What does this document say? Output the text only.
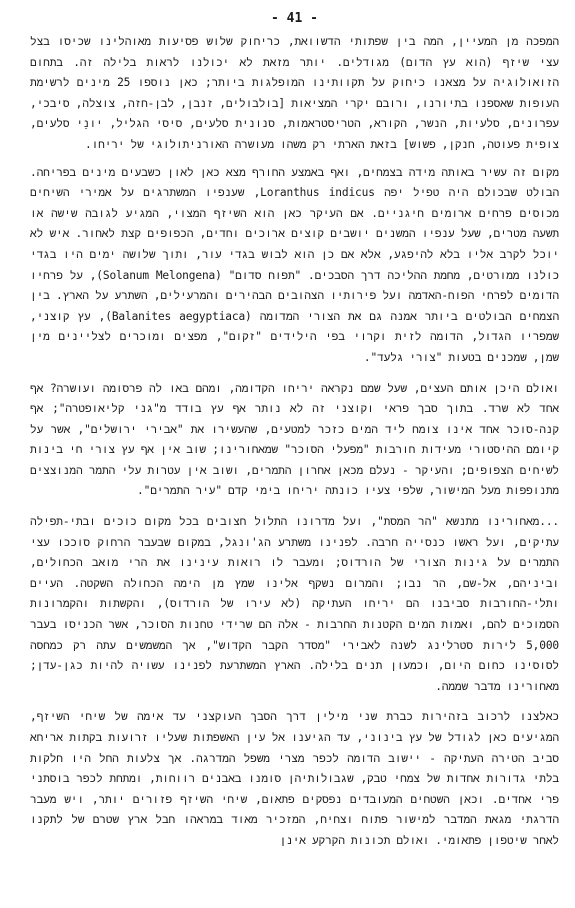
- 41 -

המפכה מן המעיין, המה בין שפתותי הדשוואת, כריחוק שלוש פסיעות מאוהלינו שכיסו בצל עצי שיזף (הוא עץ הדום) מגודלים. יותר מזאת לא יכולנו לראות בלילה זה. בתחום הזואולוגיה על מצאנו כיחוק על תקוותינו המופלגות ביותר; כאן נוספו 25 מינים לרשימת העופות שאספנו בתיורנו, ורובם יקרי המציאות [בולבולים, זנבן, לבן-חזה, צוצלה, סיבכי, עפרונים, סלעיות, הנשר, הקורא, הטריסטראמות, סנונית סלעים, סיסי הגליל, יונֵי סלעים, צופית פעוטה, חנקן, פשוש] בזאת הארתי רק משהו מעושרה האורניתולוגי של יריחו.

מקום זה עשיר באותה מידה בצמחים, ואף באמצע החורף מצא כאן לאון כשבעים מינים בפריחה. הבולט שבכולם היה טפיל יפה Loranthus indicus, שענפיו המשתרגים על אמירי השיחים מכוסים פרחים ארומים חיגניים. אם העיקר כאן הוא השיזף המצוי, המגיע לגובה שישה או תשעה מטרים, שעל ענפיו המשנים יושבים קוצים ארוכים וחדים, הכפופים קצת לאחור. איש לא יוכל לקרב אליו בלא להיפגע, אלא אם כן הוא לבוש בגדי עור, ותוך שלושה ימים היו בגדי כולנו ממורטים, מחמת ההליכה דרך הסבכים. "תפוח סדום" (Solanum Melongena), על פרחיו הדומים לפרחי הפוח-האדמה ועל פירותיו הצהובים הבהירים והמרעילים, השתרע על הארץ. בין הצמחים הבולטים ביותר אמנה גם את הצורי המדומה (Balanites aegyptiaca), עץ קוצני, שמפריו הגדול, הדומה לזית וקרוי בפי הילידים "זקום", מפצים ומוכרים לצליינים מין שמן, שמכנים בטעות "צורי גלעד".

ואולם היכן אותם העצים, שעל שמם נקראה יריחו הקדומה, ומהם באו לה פרסומה ועושרה? אף אחד לא שרד. בתוך סבך פראי וקוצני זה לא נותר אף עץ בודד מ"גני קליאופטרה"; אף קנה-סוכר אחד אינו צומח ליד המים כזכר למטעים, שהעשירו את "אבירי ירושלים", אשר על קיומם ההיסטורי מעידות חורבות "מפעלי הסוכר" שמאחורינו; שוב אין אף עץ צורי חי בינות לשיחים הצפופים; והעיקר - נעלם מכאן אחרון התמרים, ושוב אין עטרות עלי התמר המנוצצים מתנופפות מעל המישור, שלפי צעיו כונתה יריחו בימי קדם "עיר התמרים".

...מאחורינו מתנשא "הר המסת", ועל מדרונו התלול חצובים בכל מקום כוכים ובתי-תפילה עתיקים, ועל ראשו כנסייה חרבה. לפנינו משתרע הג'ונגל, במקום שבעבר הרחוק סוככו עצי התמרים על גינות הצורי של הורדוס; ומעבר לו רואות עינינו את הרי מואב הכחולים, וביניהם, אל-שם, הר נבו; והמרום נשקף אלינו שמץ מן הימה הכחולה השקטה. העיים ותלי-החורבות סביבנו הם יריחו העתיקה (לא עירו של הורדוס), והקשתות והקמרונות הסמוכים להם, ואמות המים הקטנות החרבות - אלה הם שרידי טחנות הסוכר, אשר הכניסו בעבר 5,000 לירות סטרלינג לשנה לאבירי "מסדר הקבר הקדוש", אך המשמשים עתה רק כמחסה לסוסינו כחום היום, וכמעון תנים בלילה. הארץ המשתרעת לפנינו עשויה להיות כגן-עדן; מאחורינו מדבר שממה.

כאלצנו לרכוב בזהירות כברת שני מילין דרך הסבך העוקצני עד אימה של שיחי השיזף, המגיעים כאן לגודל של עץ בינוני, עד הגיענו אל עין האשפתות שעליו זרועות בקתות אריחא סביב הטירה העתיקה - יישוב הדומה לכפר מצרי משפל המדרגה. אך צלעות החל היו חלקות בלתי גדורות אחדות של צמחי טבק, שגבולותיהן סומנו באבנים רווחות, ומתחת לכפר בוסתני פרי אחדים. וכאן השטחים המעובדים נפסקים פתאום, שיחי השיזף פזורים יותר, ויש מעבר הדרגתי מגאת המדבר למישור פתוח וצחיח, המזכיר מאוד במראהו חבל ארץ שטרם של לתקנו לאחר שיטפון פתאומי. ואולם תכונות הקרקע אינן
